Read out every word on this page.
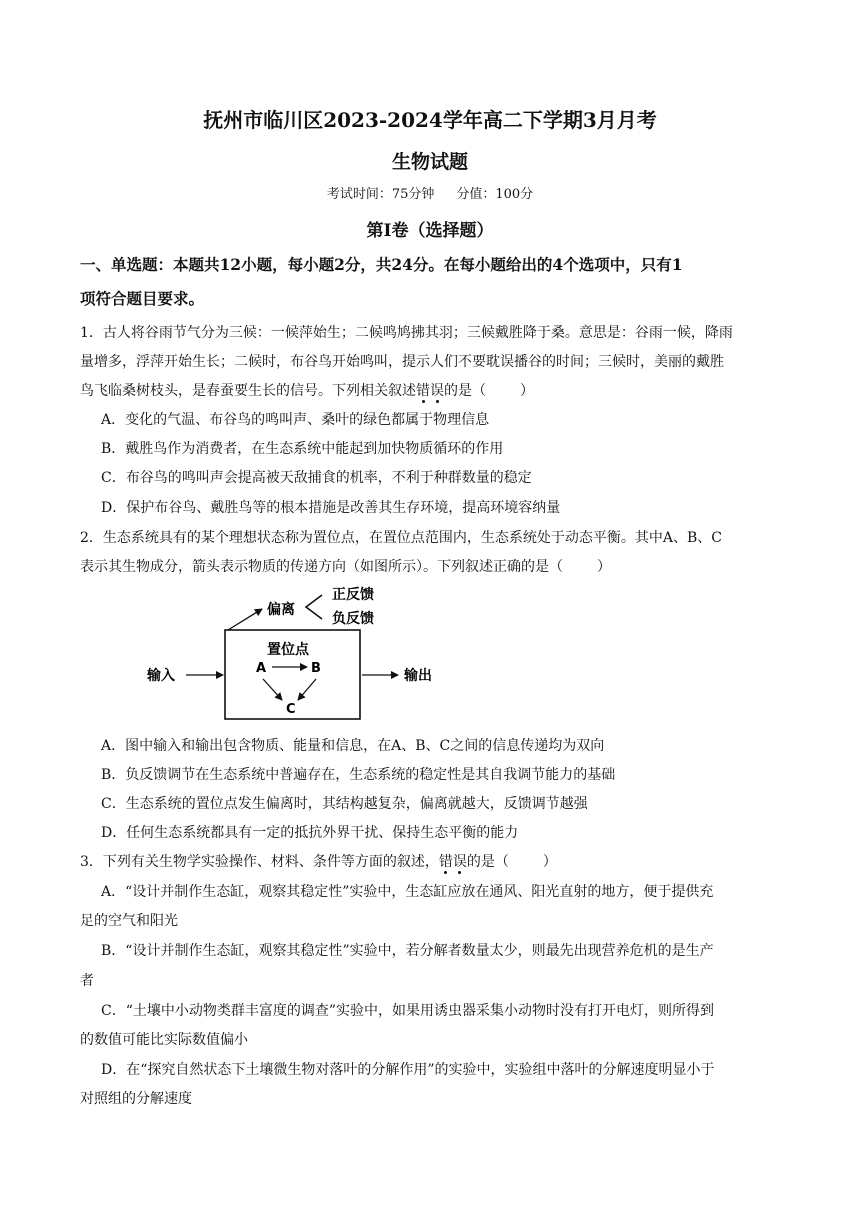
抚州市临川区2023-2024学年高二下学期3月月考
生物试题
考试时间：75分钟 分值：100分
第Ⅰ卷（选择题）
一、单选题：本题共12小题，每小题2分，共24分。在每小题给出的4个选项中，只有1
项符合题目要求。
1．古人将谷雨节气分为三候：一候萍始生；二候鸣鸠拂其羽；三候戴胜降于桑。意思是：谷雨一候，降雨
量增多，浮萍开始生长；二候时，布谷鸟开始鸣叫，提示人们不要耽误播谷的时间；三候时，美丽的戴胜
鸟飞临桑树枝头，是春蚕要生长的信号。下列相关叙述错误的是（ ）
A．变化的气温、布谷鸟的鸣叫声、桑叶的绿色都属于物理信息
B．戴胜鸟作为消费者，在生态系统中能起到加快物质循环的作用
C．布谷鸟的鸣叫声会提高被天敌捕食的机率，不利于种群数量的稳定
D．保护布谷鸟、戴胜鸟等的根本措施是改善其生存环境，提高环境容纳量
2．生态系统具有的某个理想状态称为置位点，在置位点范围内，生态系统处于动态平衡。其中A、B、C
表示其生物成分，箭头表示物质的传递方向（如图所示）。下列叙述正确的是（ ）
偏离
正反馈
负反馈
置位点
A	B
C
输入	输出
A．图中输入和输出包含物质、能量和信息，在A、B、C之间的信息传递均为双向
B．负反馈调节在生态系统中普遍存在，生态系统的稳定性是其自我调节能力的基础
C．生态系统的置位点发生偏离时，其结构越复杂，偏离就越大，反馈调节越强
D．任何生态系统都具有一定的抵抗外界干扰、保持生态平衡的能力
3．下列有关生物学实验操作、材料、条件等方面的叙述，错误的是（ ）
A．“设计并制作生态缸，观察其稳定性”实验中，生态缸应放在通风、阳光直射的地方，便于提供充
足的空气和阳光
B．“设计并制作生态缸，观察其稳定性”实验中，若分解者数量太少，则最先出现营养危机的是生产
者
C．“土壤中小动物类群丰富度的调查”实验中，如果用诱虫器采集小动物时没有打开电灯，则所得到
的数值可能比实际数值偏小
D．在“探究自然状态下土壤微生物对落叶的分解作用”的实验中，实验组中落叶的分解速度明显小于
对照组的分解速度
